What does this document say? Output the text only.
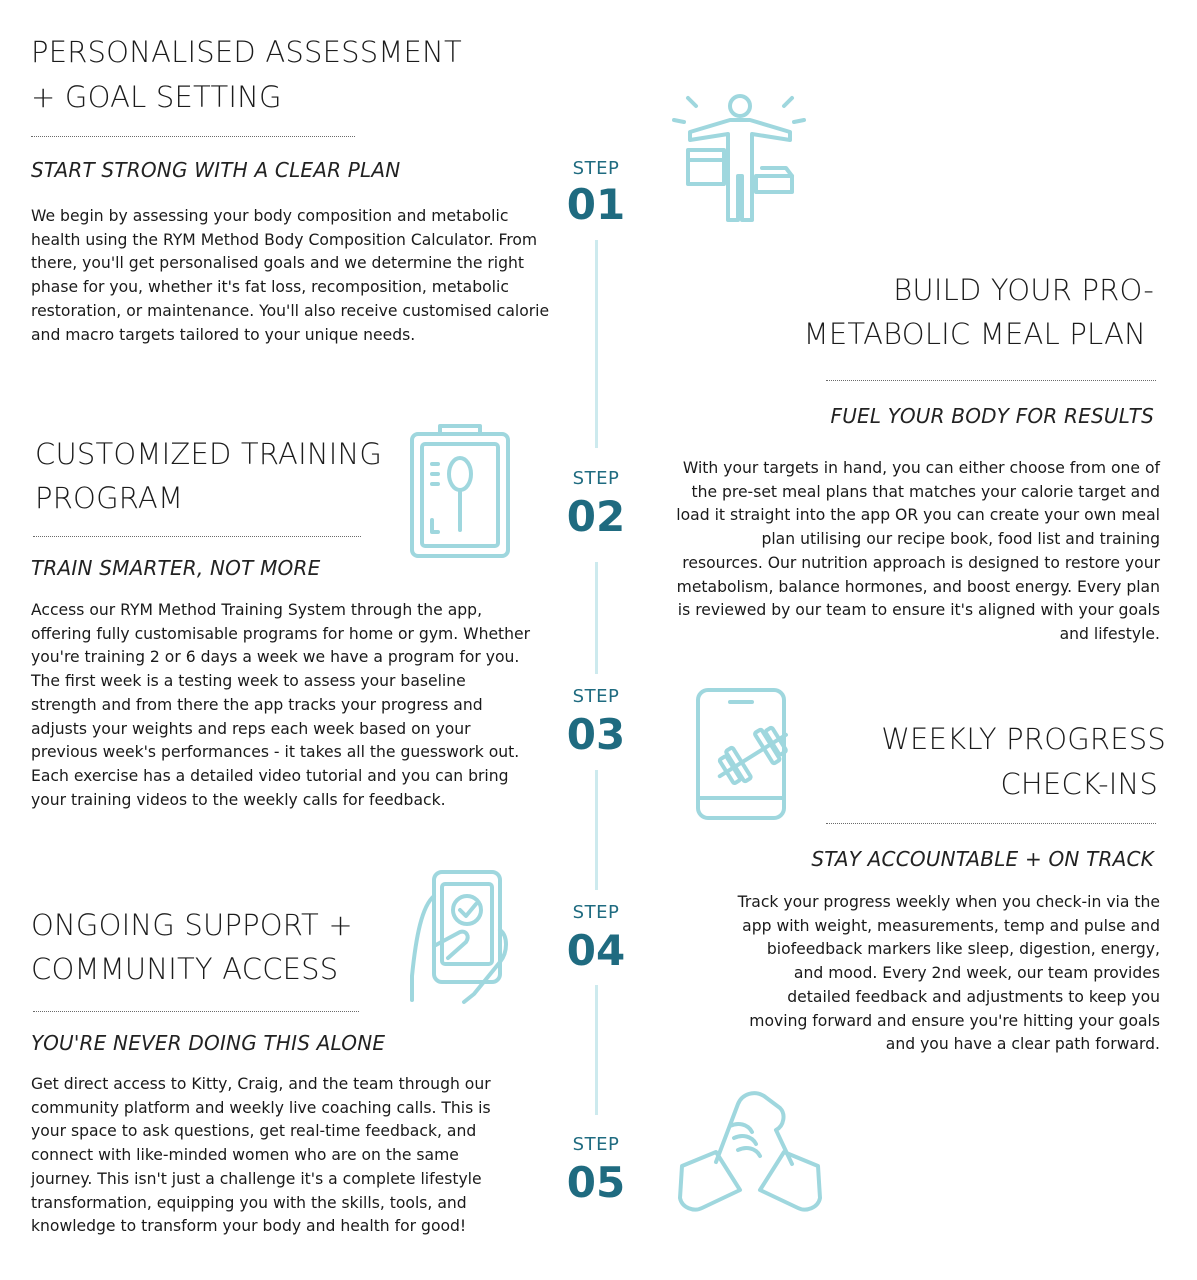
STEP
01
STEP
02
STEP
03
STEP
04
STEP
05
PERSONALISED ASSESSMENT
+ GOAL SETTING
START STRONG WITH A CLEAR PLAN
We begin by assessing your body composition and metabolic health using the RYM Method Body Composition Calculator. From there, you'll get personalised goals and we determine the right phase for you, whether it's fat loss, recomposition, metabolic restoration, or maintenance. You'll also receive customised calorie and macro targets tailored to your unique needs.
BUILD YOUR PRO-
METABOLIC MEAL PLAN
FUEL YOUR BODY FOR RESULTS
With your targets in hand, you can either choose from one of the pre-set meal plans that matches your calorie target and load it straight into the app OR you can create your own meal plan utilising our recipe book, food list and training resources. Our nutrition approach is designed to restore your metabolism, balance hormones, and boost energy. Every plan is reviewed by our team to ensure it's aligned with your goals and lifestyle.
CUSTOMIZED TRAINING
PROGRAM
TRAIN SMARTER, NOT MORE
Access our RYM Method Training System through the app, offering fully customisable programs for home or gym. Whether you're training 2 or 6 days a week we have a program for you. The first week is a testing week to assess your baseline strength and from there the app tracks your progress and adjusts your weights and reps each week based on your previous week's performances - it takes all the guesswork out. Each exercise has a detailed video tutorial and you can bring your training videos to the weekly calls for feedback.
WEEKLY PROGRESS
CHECK-INS
STAY ACCOUNTABLE + ON TRACK
Track your progress weekly when you check-in via the app with weight, measurements, temp and pulse and biofeedback markers like sleep, digestion, energy, and mood. Every 2nd week, our team provides detailed feedback and adjustments to keep you moving forward and ensure you're hitting your goals and you have a clear path forward.
ONGOING SUPPORT +
COMMUNITY ACCESS
YOU'RE NEVER DOING THIS ALONE
Get direct access to Kitty, Craig, and the team through our community platform and weekly live coaching calls. This is your space to ask questions, get real-time feedback, and connect with like-minded women who are on the same journey. This isn't just a challenge it's a complete lifestyle transformation, equipping you with the skills, tools, and knowledge to transform your body and health for good!
